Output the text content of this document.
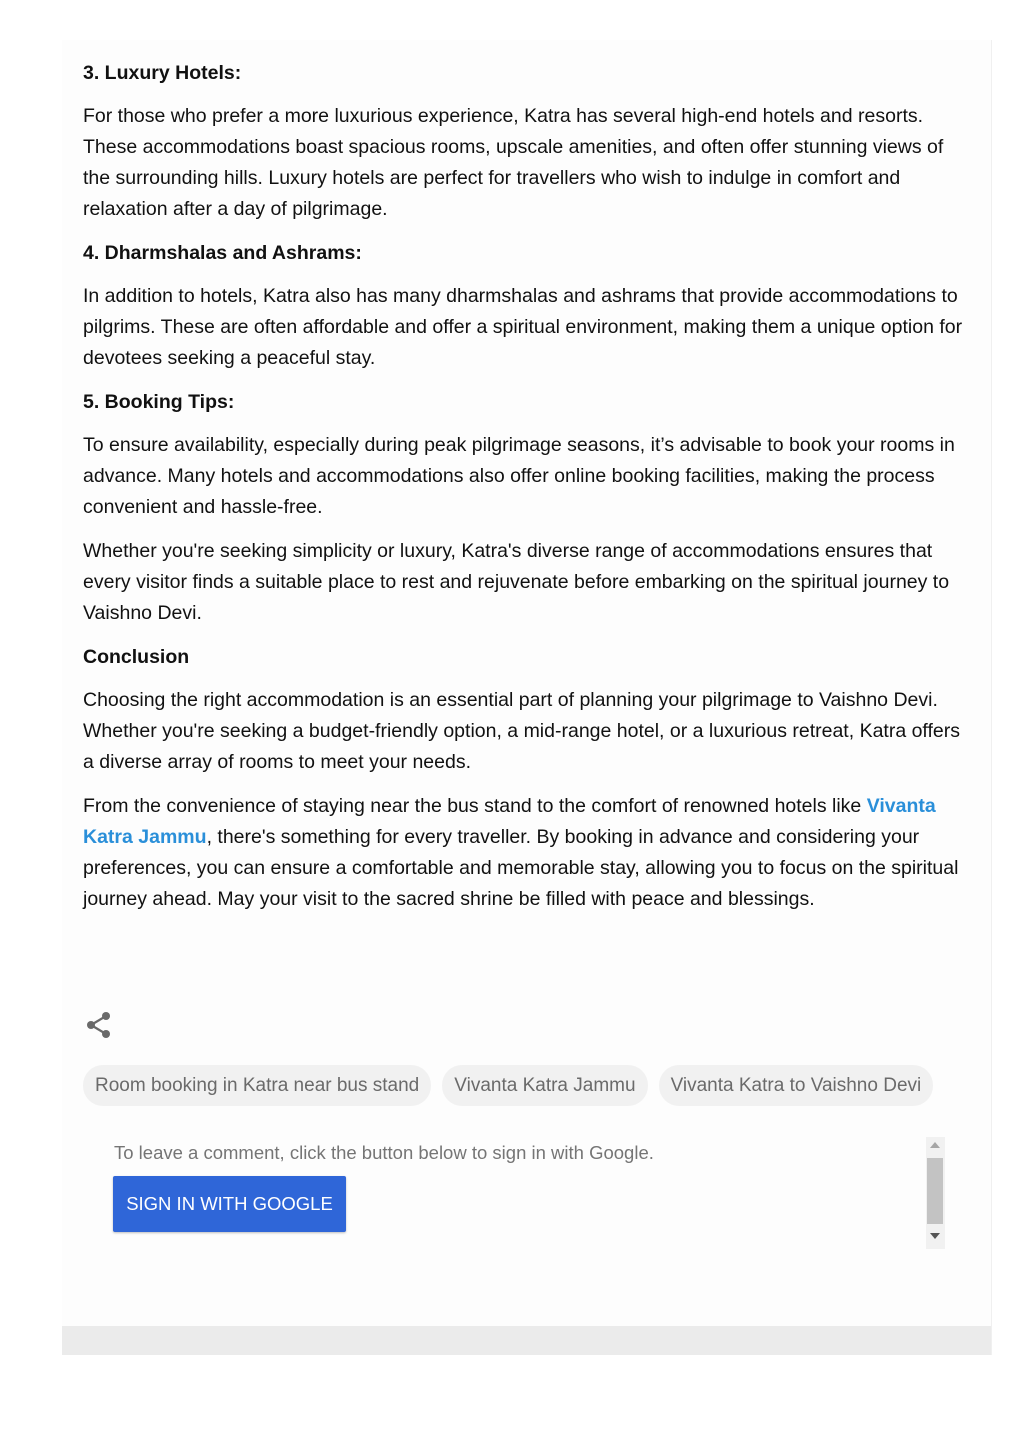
3. Luxury Hotels:

For those who prefer a more luxurious experience, Katra has several high-end hotels and resorts. These accommodations boast spacious rooms, upscale amenities, and often offer stunning views of the surrounding hills. Luxury hotels are perfect for travellers who wish to indulge in comfort and relaxation after a day of pilgrimage.

4. Dharmshalas and Ashrams:

In addition to hotels, Katra also has many dharmshalas and ashrams that provide accommodations to pilgrims. These are often affordable and offer a spiritual environment, making them a unique option for devotees seeking a peaceful stay.

5. Booking Tips:

To ensure availability, especially during peak pilgrimage seasons, it’s advisable to book your rooms in advance. Many hotels and accommodations also offer online booking facilities, making the process convenient and hassle-free.

Whether you're seeking simplicity or luxury, Katra's diverse range of accommodations ensures that every visitor finds a suitable place to rest and rejuvenate before embarking on the spiritual journey to Vaishno Devi.

Conclusion

Choosing the right accommodation is an essential part of planning your pilgrimage to Vaishno Devi. Whether you're seeking a budget-friendly option, a mid-range hotel, or a luxurious retreat, Katra offers a diverse array of rooms to meet your needs.

From the convenience of staying near the bus stand to the comfort of renowned hotels like Vivanta Katra Jammu, there's something for every traveller. By booking in advance and considering your preferences, you can ensure a comfortable and memorable stay, allowing you to focus on the spiritual journey ahead. May your visit to the sacred shrine be filled with peace and blessings.

Room booking in Katra near bus stand	Vivanta Katra Jammu	Vivanta Katra to Vaishno Devi
To leave a comment, click the button below to sign in with Google.
SIGN IN WITH GOOGLE
